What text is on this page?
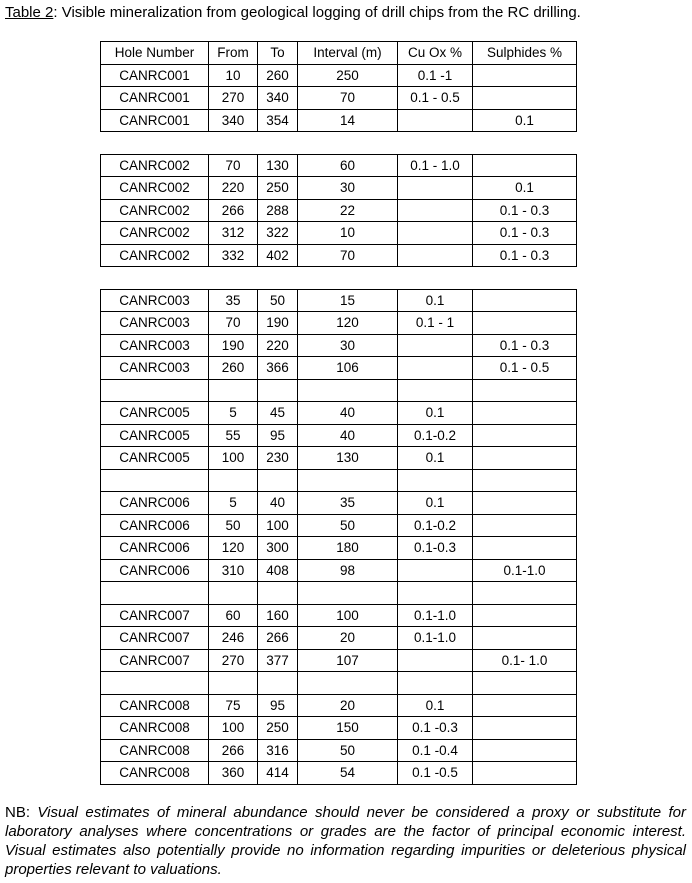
Table 2: Visible mineralization from geological logging of drill chips from the RC drilling.
Hole Number	From	To	Interval (m)	Cu Ox %	Sulphides %
CANRC001	10	260	250	0.1 -1	
CANRC001	270	340	70	0.1 - 0.5	
CANRC001	340	354	14		0.1

CANRC002	70	130	60	0.1 - 1.0	
CANRC002	220	250	30		0.1
CANRC002	266	288	22		0.1 - 0.3
CANRC002	312	322	10		0.1 - 0.3
CANRC002	332	402	70		0.1 - 0.3

CANRC003	35	50	15	0.1	
CANRC003	70	190	120	0.1 - 1	
CANRC003	190	220	30		0.1 - 0.3
CANRC003	260	366	106		0.1 - 0.5

CANRC005	5	45	40	0.1	
CANRC005	55	95	40	0.1-0.2	
CANRC005	100	230	130	0.1	

CANRC006	5	40	35	0.1	
CANRC006	50	100	50	0.1-0.2	
CANRC006	120	300	180	0.1-0.3	
CANRC006	310	408	98		0.1-1.0

CANRC007	60	160	100	0.1-1.0	
CANRC007	246	266	20	0.1-1.0	
CANRC007	270	377	107		0.1- 1.0

CANRC008	75	95	20	0.1	
CANRC008	100	250	150	0.1 -0.3	
CANRC008	266	316	50	0.1 -0.4	
CANRC008	360	414	54	0.1 -0.5	
NB: Visual estimates of mineral abundance should never be considered a proxy or substitute for laboratory analyses where concentrations or grades are the factor of principal economic interest. Visual estimates also potentially provide no information regarding impurities or deleterious physical properties relevant to valuations.
